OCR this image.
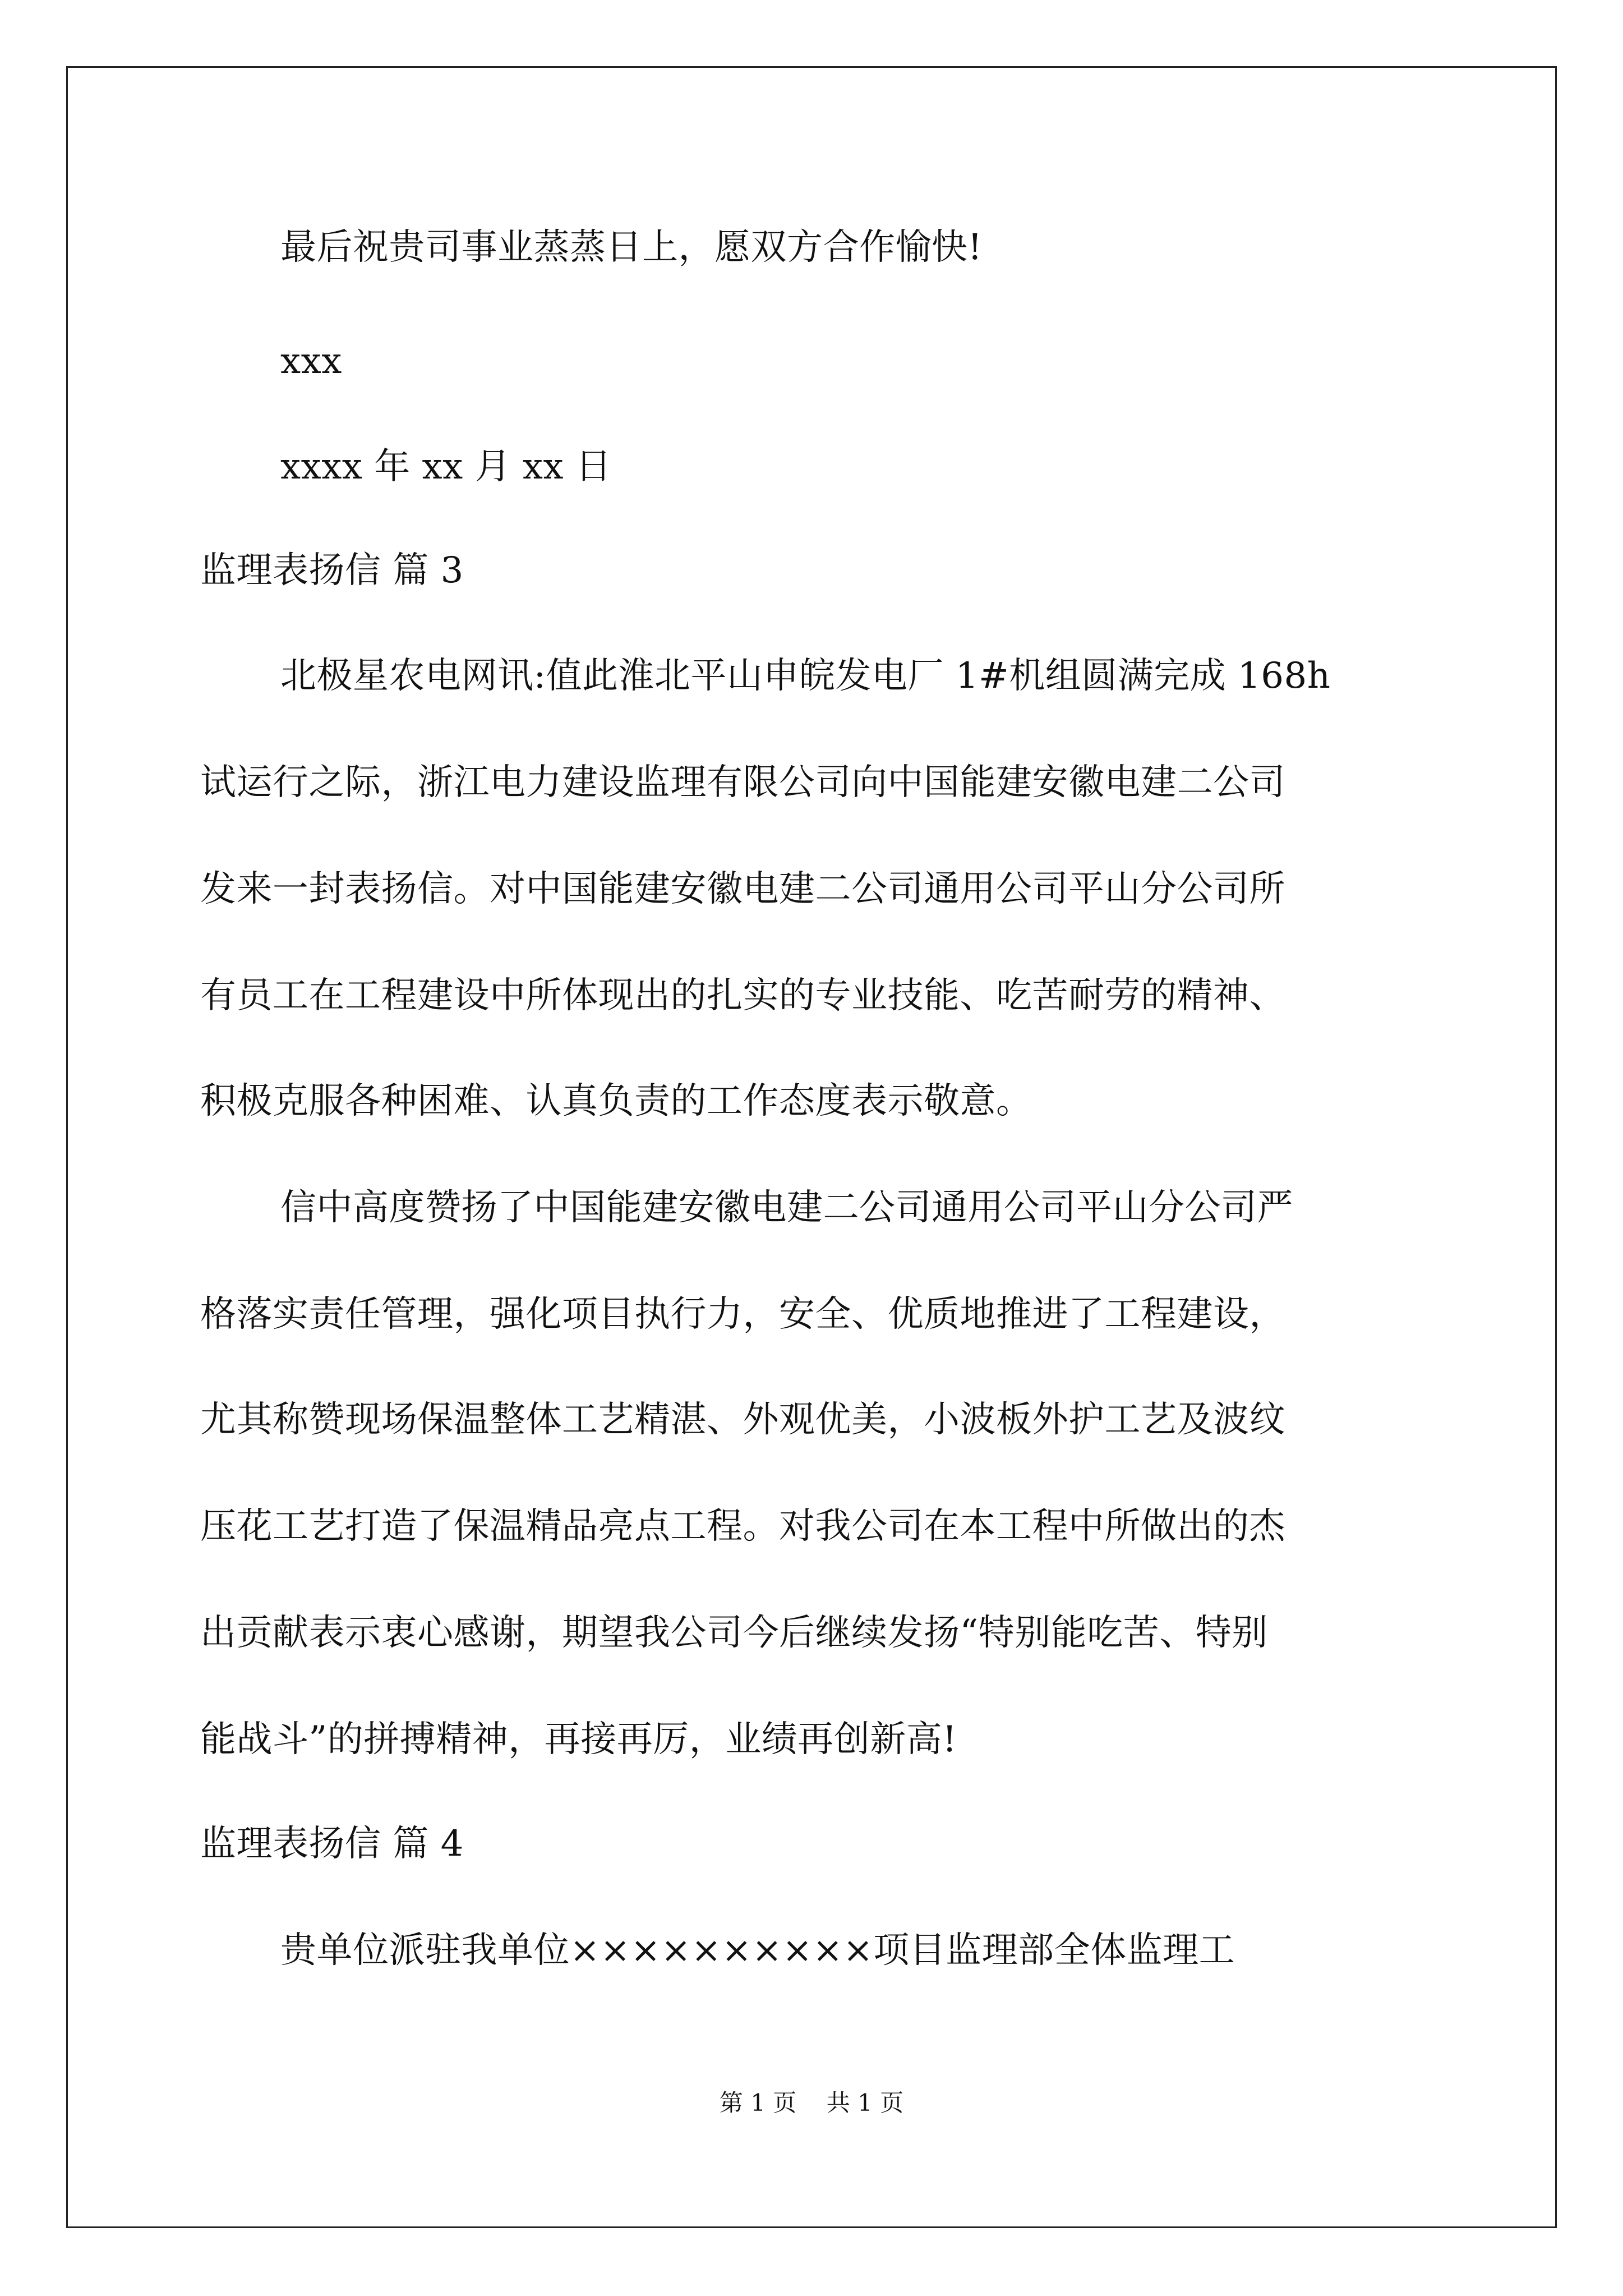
最后祝贵司事业蒸蒸日上，愿双方合作愉快!
xxx
xxxx 年 xx 月 xx 日
监理表扬信 篇 3
北极星农电网讯:值此淮北平山申皖发电厂 1#机组圆满完成 168h
试运行之际，浙江电力建设监理有限公司向中国能建安徽电建二公司
发来一封表扬信。对中国能建安徽电建二公司通用公司平山分公司所
有员工在工程建设中所体现出的扎实的专业技能、吃苦耐劳的精神、
积极克服各种困难、认真负责的工作态度表示敬意。
信中高度赞扬了中国能建安徽电建二公司通用公司平山分公司严
格落实责任管理，强化项目执行力，安全、优质地推进了工程建设，
尤其称赞现场保温整体工艺精湛、外观优美，小波板外护工艺及波纹
压花工艺打造了保温精品亮点工程。对我公司在本工程中所做出的杰
出贡献表示衷心感谢，期望我公司今后继续发扬“特别能吃苦、特别
能战斗”的拼搏精神，再接再厉，业绩再创新高!
监理表扬信 篇 4
贵单位派驻我单位××××××××××项目监理部全体监理工
第 1 页    共 1 页
